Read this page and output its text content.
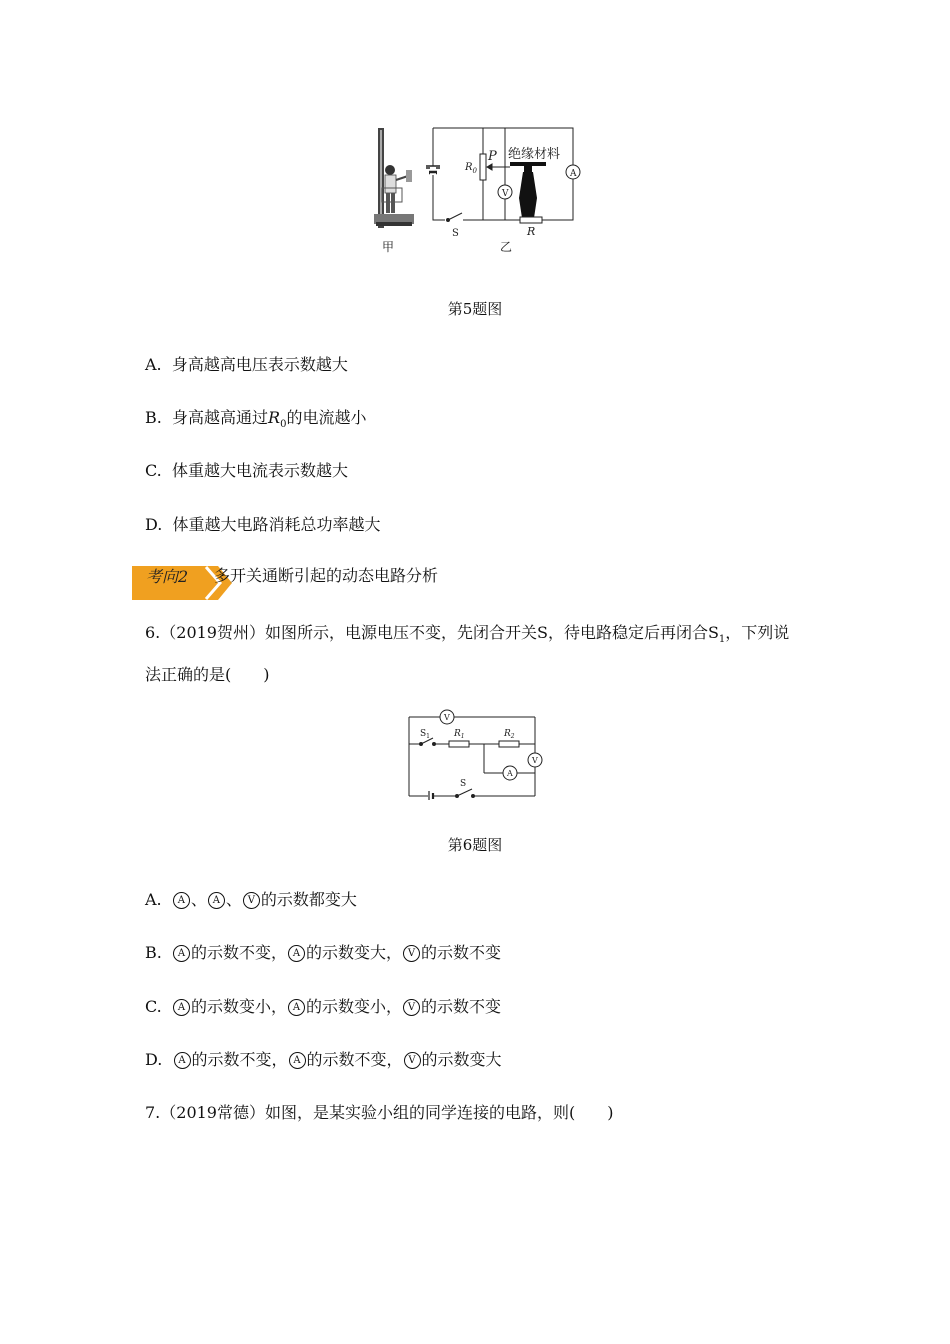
甲	乙
S
$R_0$
P 绝缘材料
V
A
R
第5题图
A. 身高越高电压表示数越大
B. 身高越高通过$R_0$的电流越小
C. 体重越大电流表示数越大
D. 体重越大电路消耗总功率越大
考向2 多开关通断引起的动态电路分析
6.（2019贺州）如图所示，电源电压不变，先闭合开关S，待电路稳定后再闭合$S_1$，下列说
法正确的是(　　)
V
$S_1$	$R_1$	$R_2$
V
A
S
第6题图
A. A 、 A 、 V 的示数都变大
B. A 的示数不变， A 的示数变大， V 的示数不变
C. A 的示数变小， A 的示数变小， V 的示数不变
D. A 的示数不变， A 的示数不变， V 的示数变大
7.（2019常德）如图，是某实验小组的同学连接的电路，则(　　)
